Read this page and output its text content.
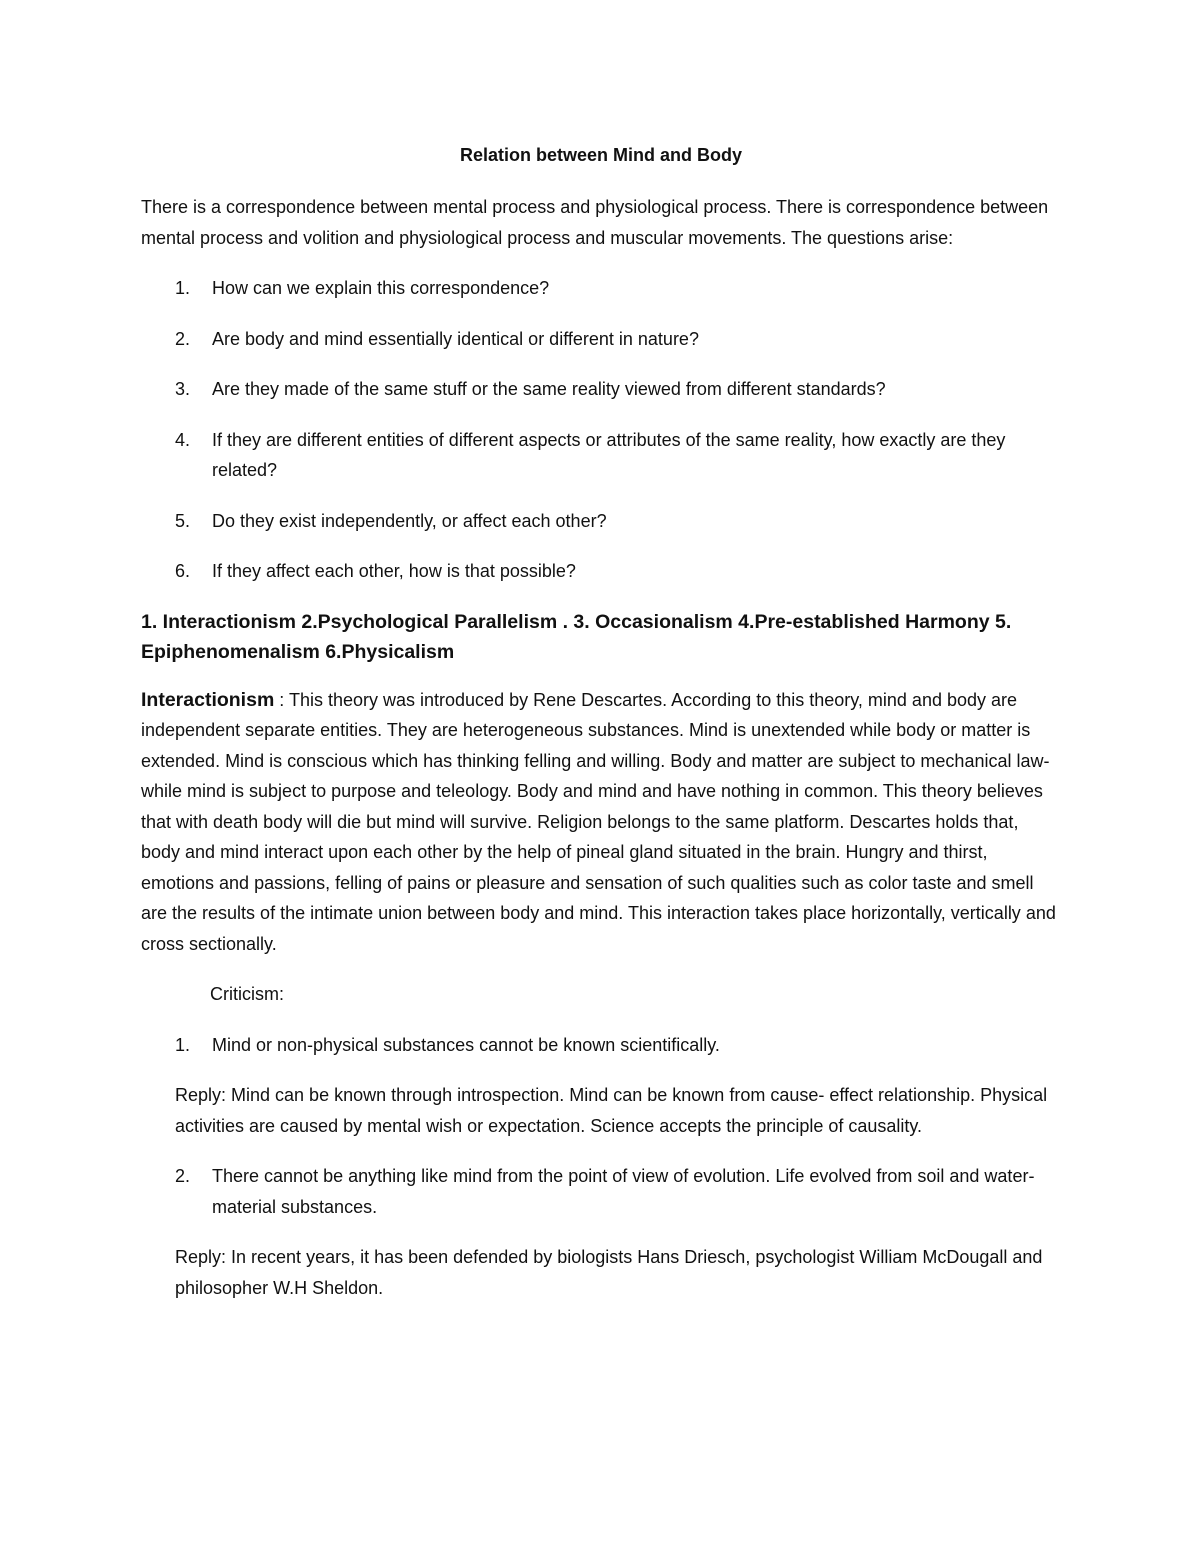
Relation between Mind and Body

There is a correspondence between mental process and physiological process. There is correspondence between mental process and volition and physiological process and muscular movements. The questions arise:

1. How can we explain this correspondence?
2. Are body and mind essentially identical or different in nature?
3. Are they made of the same stuff or the same reality viewed from different standards?
4. If they are different entities of different aspects or attributes of the same reality, how exactly are they related?
5. Do they exist independently, or affect each other?
6. If they affect each other, how is that possible?
1. Interactionism 2.Psychological Parallelism . 3. Occasionalism 4.Pre-established Harmony 5. Epiphenomenalism 6.Physicalism

Interactionism : This theory was introduced by Rene Descartes. According to this theory, mind and body are independent separate entities. They are heterogeneous substances. Mind is unextended while body or matter is extended. Mind is conscious which has thinking felling and willing. Body and matter are subject to mechanical law- while mind is subject to purpose and teleology. Body and mind and have nothing in common. This theory believes that with death body will die but mind will survive. Religion belongs to the same platform. Descartes holds that, body and mind interact upon each other by the help of pineal gland situated in the brain. Hungry and thirst, emotions and passions, felling of pains or pleasure and sensation of such qualities such as color taste and smell are the results of the intimate union between body and mind. This interaction takes place horizontally, vertically and cross sectionally.

Criticism:

1. Mind or non-physical substances cannot be known scientifically.

Reply: Mind can be known through introspection. Mind can be known from cause- effect relationship. Physical activities are caused by mental wish or expectation. Science accepts the principle of causality.

2. There cannot be anything like mind from the point of view of evolution. Life evolved from soil and water- material substances.

Reply: In recent years, it has been defended by biologists Hans Driesch, psychologist William McDougall and philosopher W.H Sheldon.
